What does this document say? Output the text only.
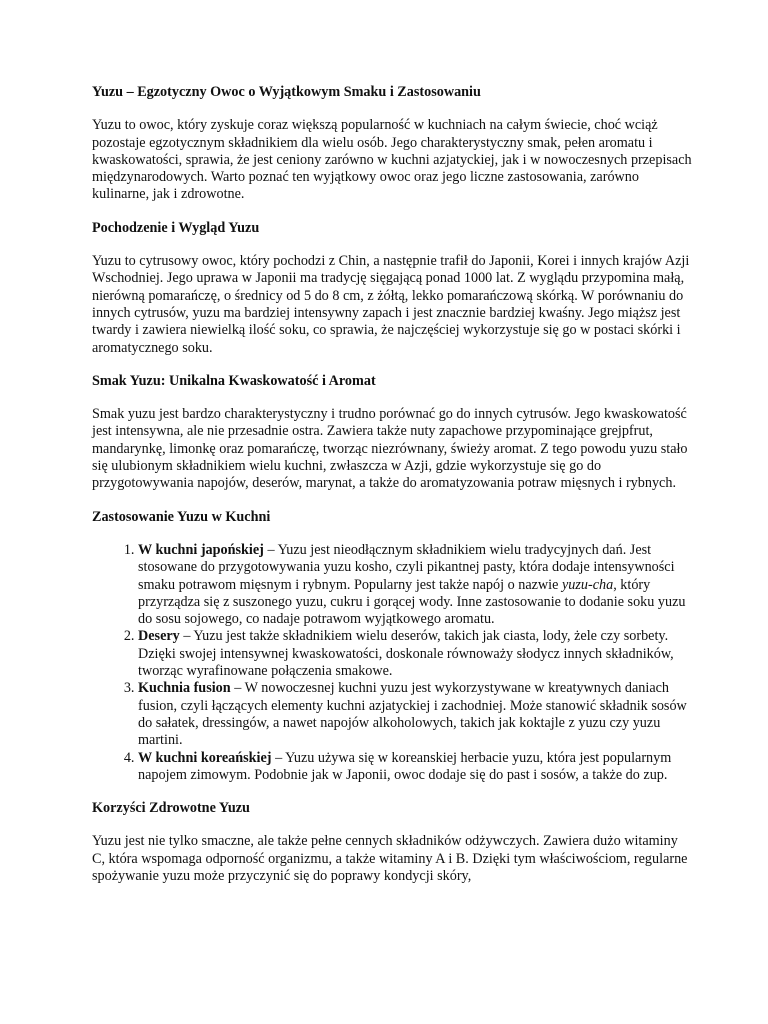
Yuzu – Egzotyczny Owoc o Wyjątkowym Smaku i Zastosowaniu

Yuzu to owoc, który zyskuje coraz większą popularność w kuchniach na całym świecie, choć wciąż pozostaje egzotycznym składnikiem dla wielu osób. Jego charakterystyczny smak, pełen aromatu i kwaskowatości, sprawia, że jest ceniony zarówno w kuchni azjatyckiej, jak i w nowoczesnych przepisach międzynarodowych. Warto poznać ten wyjątkowy owoc oraz jego liczne zastosowania, zarówno kulinarne, jak i zdrowotne.

Pochodzenie i Wygląd Yuzu

Yuzu to cytrusowy owoc, który pochodzi z Chin, a następnie trafił do Japonii, Korei i innych krajów Azji Wschodniej. Jego uprawa w Japonii ma tradycję sięgającą ponad 1000 lat. Z wyglądu przypomina małą, nierówną pomarańczę, o średnicy od 5 do 8 cm, z żółtą, lekko pomarańczową skórką. W porównaniu do innych cytrusów, yuzu ma bardziej intensywny zapach i jest znacznie bardziej kwaśny. Jego miąższ jest twardy i zawiera niewielką ilość soku, co sprawia, że najczęściej wykorzystuje się go w postaci skórki i aromatycznego soku.

Smak Yuzu: Unikalna Kwaskowatość i Aromat

Smak yuzu jest bardzo charakterystyczny i trudno porównać go do innych cytrusów. Jego kwaskowatość jest intensywna, ale nie przesadnie ostra. Zawiera także nuty zapachowe przypominające grejpfrut, mandarynkę, limonkę oraz pomarańczę, tworząc niezrównany, świeży aromat. Z tego powodu yuzu stało się ulubionym składnikiem wielu kuchni, zwłaszcza w Azji, gdzie wykorzystuje się go do przygotowywania napojów, deserów, marynat, a także do aromatyzowania potraw mięsnych i rybnych.

Zastosowanie Yuzu w Kuchni

1. W kuchni japońskiej – Yuzu jest nieodłącznym składnikiem wielu tradycyjnych dań. Jest stosowane do przygotowywania yuzu kosho, czyli pikantnej pasty, która dodaje intensywności smaku potrawom mięsnym i rybnym. Popularny jest także napój o nazwie yuzu-cha, który przyrządza się z suszonego yuzu, cukru i gorącej wody. Inne zastosowanie to dodanie soku yuzu do sosu sojowego, co nadaje potrawom wyjątkowego aromatu.
2. Desery – Yuzu jest także składnikiem wielu deserów, takich jak ciasta, lody, żele czy sorbety. Dzięki swojej intensywnej kwaskowatości, doskonale równoważy słodycz innych składników, tworząc wyrafinowane połączenia smakowe.
3. Kuchnia fusion – W nowoczesnej kuchni yuzu jest wykorzystywane w kreatywnych daniach fusion, czyli łączących elementy kuchni azjatyckiej i zachodniej. Może stanowić składnik sosów do sałatek, dressingów, a nawet napojów alkoholowych, takich jak koktajle z yuzu czy yuzu martini.
4. W kuchni koreańskiej – Yuzu używa się w koreanskiej herbacie yuzu, która jest popularnym napojem zimowym. Podobnie jak w Japonii, owoc dodaje się do past i sosów, a także do zup.

Korzyści Zdrowotne Yuzu

Yuzu jest nie tylko smaczne, ale także pełne cennych składników odżywczych. Zawiera dużo witaminy C, która wspomaga odporność organizmu, a także witaminy A i B. Dzięki tym właściwościom, regularne spożywanie yuzu może przyczynić się do poprawy kondycji skóry,
